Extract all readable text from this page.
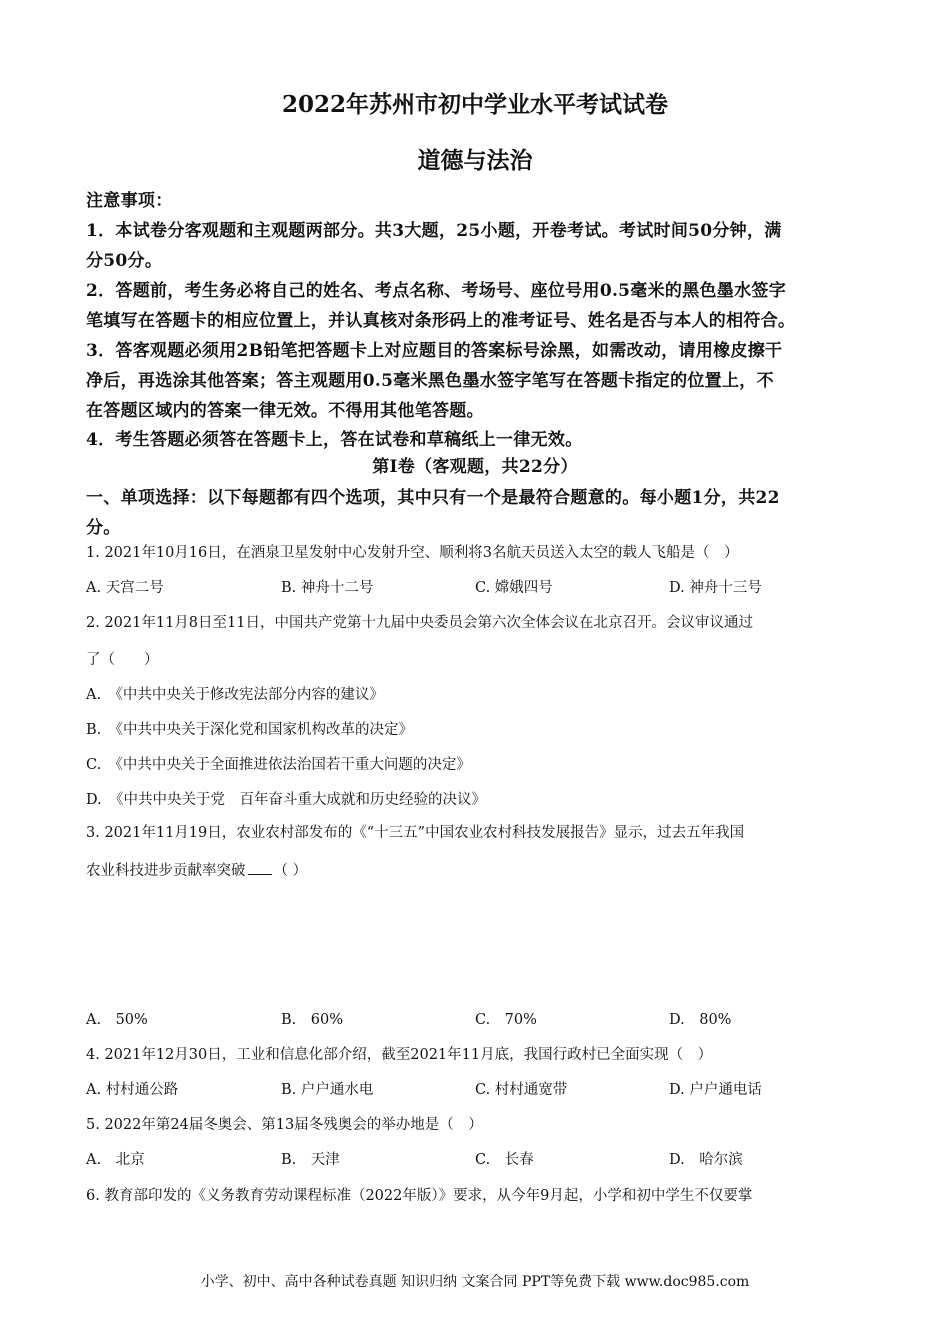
2022年苏州市初中学业水平考试试卷
道德与法治
注意事项：
1．本试卷分客观题和主观题两部分。共3大题，25小题，开卷考试。考试时间50分钟，满
分50分。
2．答题前，考生务必将自己的姓名、考点名称、考场号、座位号用0.5毫米的黑色墨水签字
笔填写在答题卡的相应位置上，并认真核对条形码上的准考证号、姓名是否与本人的相符合。
3．答客观题必须用2B铅笔把答题卡上对应题目的答案标号涂黑，如需改动，请用橡皮擦干
净后，再选涂其他答案；答主观题用0.5毫米黑色墨水签字笔写在答题卡指定的位置上，不
在答题区域内的答案一律无效。不得用其他笔答题。
4．考生答题必须答在答题卡上，答在试卷和草稿纸上一律无效。
第Ⅰ卷（客观题，共22分）
一、单项选择：以下每题都有四个选项，其中只有一个是最符合题意的。每小题1分，共22
分。
1. 2021年10月16日，在酒泉卫星发射中心发射升空、顺利将3名航天员送入太空的载人飞船是（　）
A. 天宫二号	B. 神舟十二号	C. 嫦娥四号	D. 神舟十三号
2. 2021年11月8日至11日，中国共产党第十九届中央委员会第六次全体会议在北京召开。会议审议通过
了（　　）
A.　《中共中央关于修改宪法部分内容的建议》
B.　《中共中央关于深化党和国家机构改革的决定》
C.　《中共中央关于全面推进依法治国若干重大问题的决定》
D.　《中共中央关于党　百年奋斗重大成就和历史经验的决议》
3. 2021年11月19日，农业农村部发布的《“十三五”中国农业农村科技发展报告》显示，过去五年我国
农业科技进步贡献率突破 （ ）
A.　50%	B.　60%	C.　70%	D.　80%
4. 2021年12月30日，工业和信息化部介绍，截至2021年11月底，我国行政村已全面实现（　）
A. 村村通公路	B. 户户通水电	C. 村村通宽带	D. 户户通电话
5. 2022年第24届冬奥会、第13届冬残奥会的举办地是（　）
A.　北京	B.　天津	C.　长春	D.　哈尔滨
6. 教育部印发的《义务教育劳动课程标准（2022年版）》要求，从今年9月起，小学和初中学生不仅要掌
小学、初中、高中各种试卷真题 知识归纳 文案合同 PPT等免费下载 www.doc985.com
